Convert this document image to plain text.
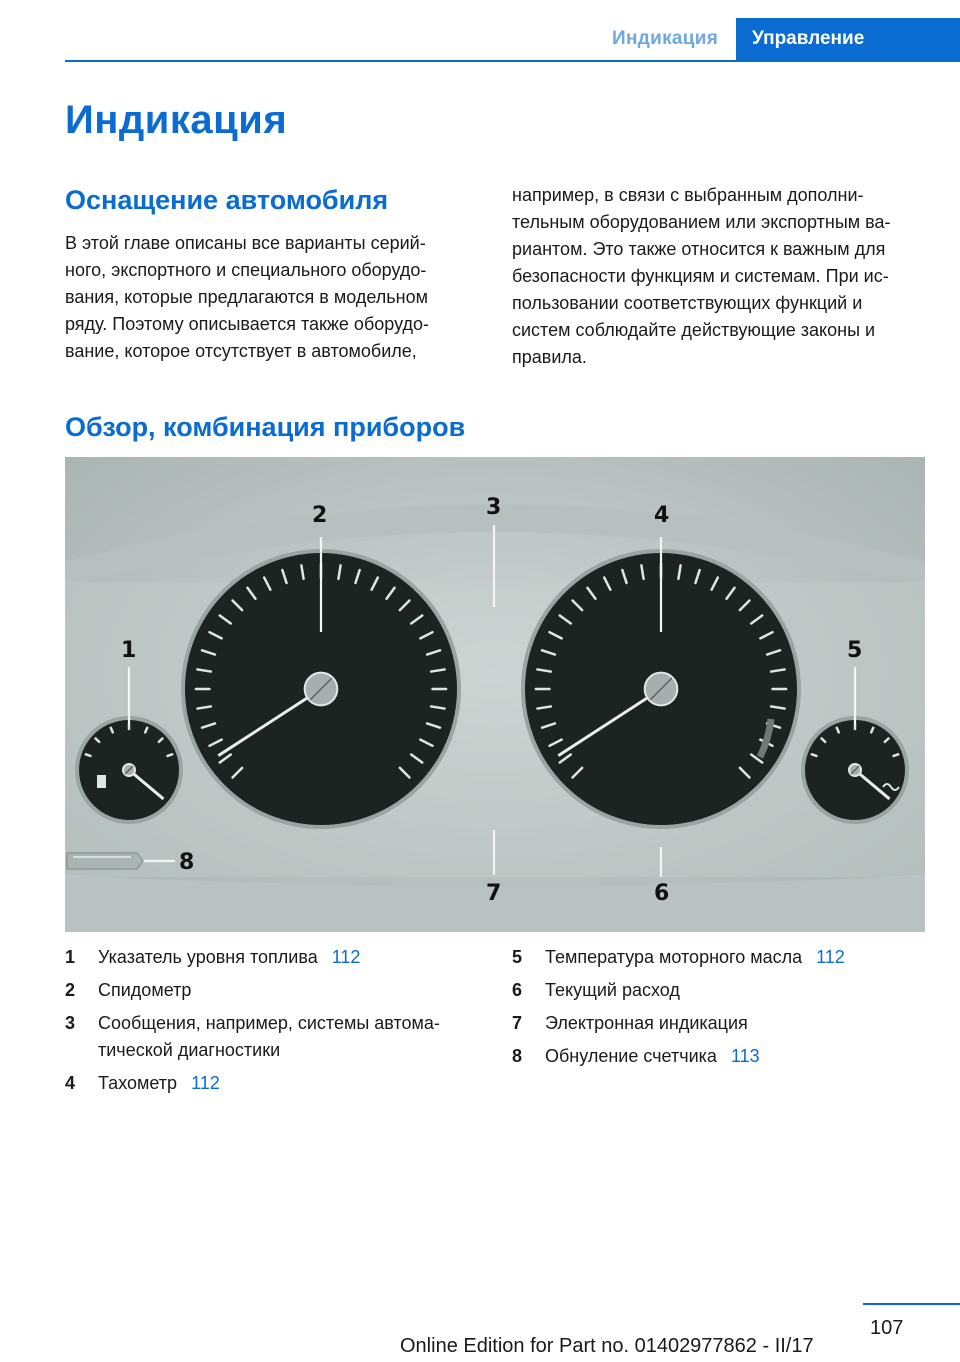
Индикация	Управление
Индикация
Оснащение автомобиля

В этой главе описаны все варианты серий-
ного, экспортного и специального оборудо-
вания, которые предлагаются в модельном
ряду. Поэтому описывается также оборудо-
вание, которое отсутствует в автомобиле,

например, в связи с выбранным дополни-
тельным оборудованием или экспортным ва-
риантом. Это также относится к важным для
безопасности функциям и системам. При ис-
пользовании соответствующих функций и
систем соблюдайте действующие законы и
правила.

Обзор, комбинация приборов
1
2	3	4
5
6
7
8
1 Указатель уровня топлива 112
2 Спидометр
3 Сообщения, например, системы автома-
тической диагностики
4 Тахометр 112
5 Температура моторного масла 112
6 Текущий расход
7 Электронная индикация
8 Обнуление счетчика 113
107
Online Edition for Part no. 01402977862 - II/17
